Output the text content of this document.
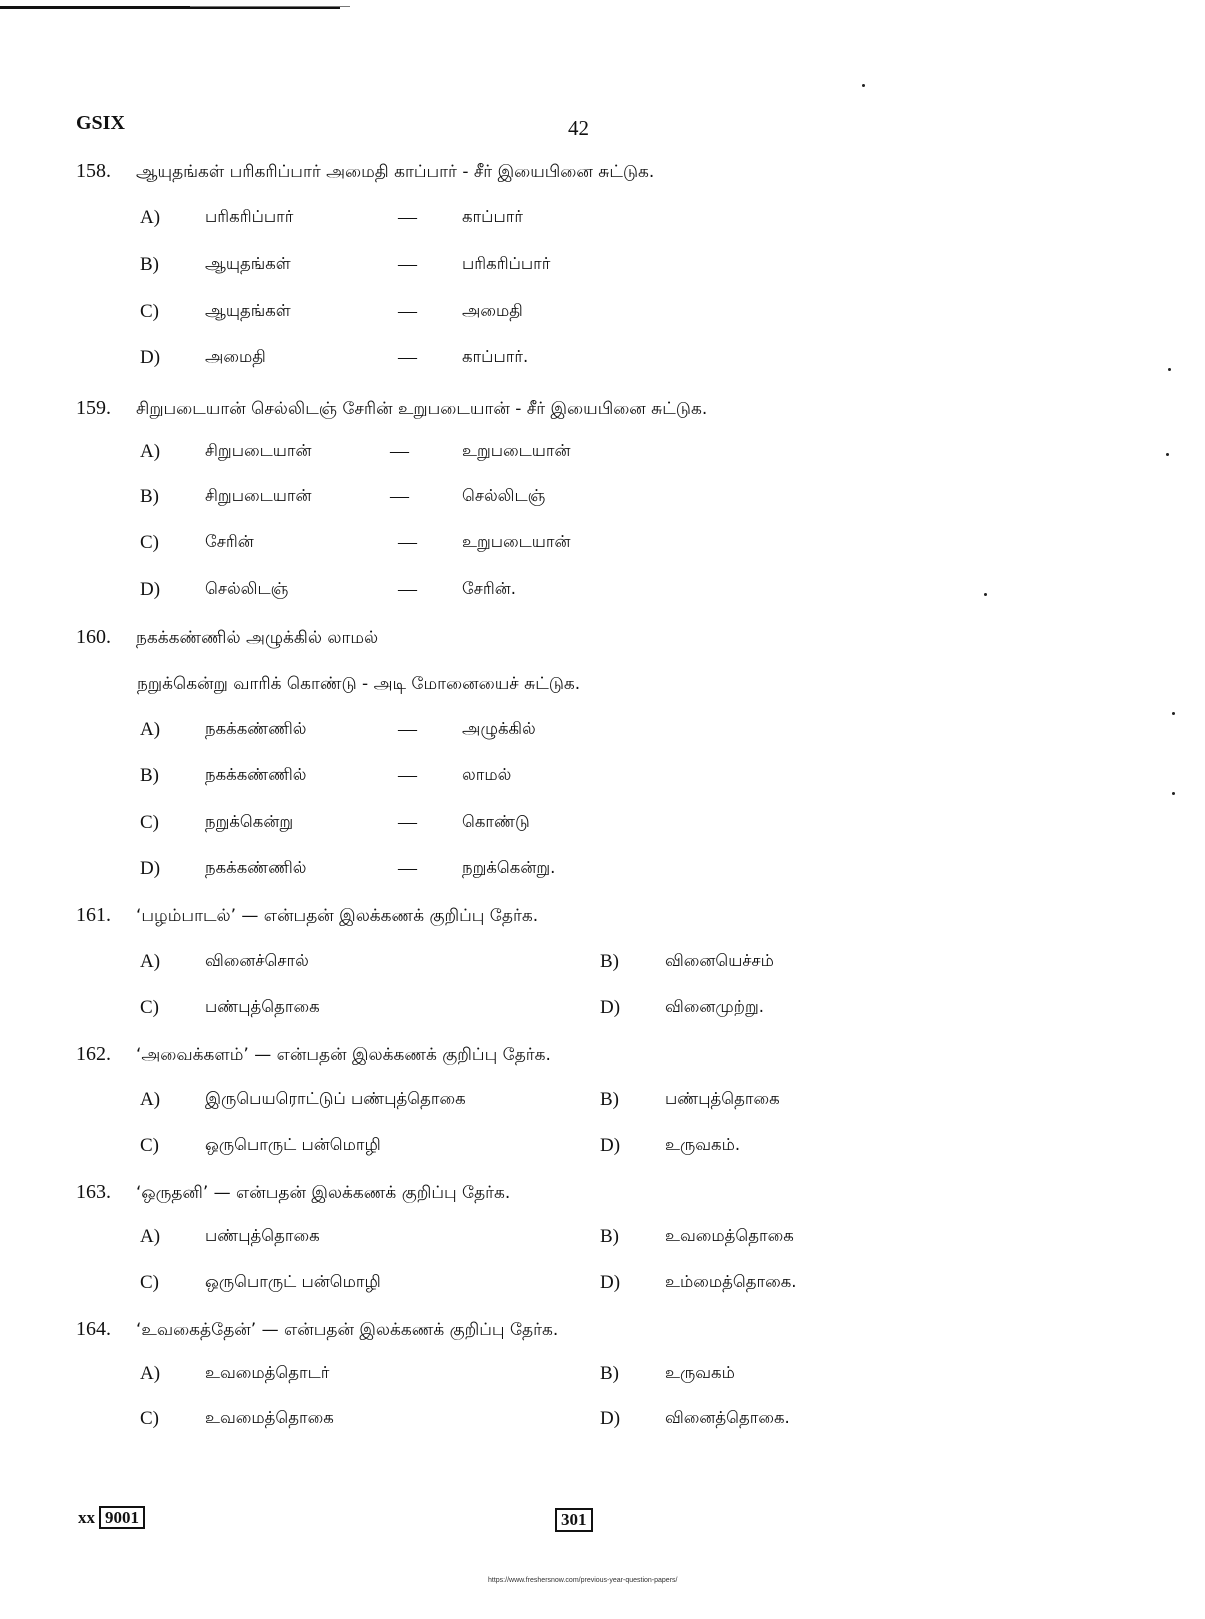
GSIX	42
158. ஆயுதங்கள் பரிகரிப்பார் அமைதி காப்பார் - சீர் இயைபினை சுட்டுக.
A)	பரிகரிப்பார்	—	காப்பார்
B)	ஆயுதங்கள்	—	பரிகரிப்பார்
C)	ஆயுதங்கள்	—	அமைதி
D)	அமைதி	—	காப்பார்.
159. சிறுபடையான் செல்லிடஞ் சேரின் உறுபடையான் - சீர் இயைபினை சுட்டுக.
A)	சிறுபடையான்	—	உறுபடையான்
B)	சிறுபடையான்	—	செல்லிடஞ்
C)	சேரின்	—	உறுபடையான்
D)	செல்லிடஞ்	—	சேரின்.
160. நகக்கண்ணில் அழுக்கில் லாமல்
நறுக்கென்று வாரிக் கொண்டு - அடி மோனையைச் சுட்டுக.
A)	நகக்கண்ணில்	—	அழுக்கில்
B)	நகக்கண்ணில்	—	லாமல்
C)	நறுக்கென்று	—	கொண்டு
D)	நகக்கண்ணில்	—	நறுக்கென்று.
161. ‘பழம்பாடல்’ — என்பதன் இலக்கணக் குறிப்பு தேர்க.
A)	வினைச்சொல்	B)	வினையெச்சம்
C)	பண்புத்தொகை	D)	வினைமுற்று.
162. ‘அவைக்களம்’ — என்பதன் இலக்கணக் குறிப்பு தேர்க.
A)	இருபெயரொட்டுப் பண்புத்தொகை	B)	பண்புத்தொகை
C)	ஒருபொருட் பன்மொழி	D)	உருவகம்.
163. ‘ஒருதனி’ — என்பதன் இலக்கணக் குறிப்பு தேர்க.
A)	பண்புத்தொகை	B)	உவமைத்தொகை
C)	ஒருபொருட் பன்மொழி	D)	உம்மைத்தொகை.
164. ‘உவகைத்தேன்’ — என்பதன் இலக்கணக் குறிப்பு தேர்க.
A)	உவமைத்தொடர்	B)	உருவகம்
C)	உவமைத்தொகை	D)	வினைத்தொகை.
xx 9001	301
https://www.freshersnow.com/previous-year-question-papers/
